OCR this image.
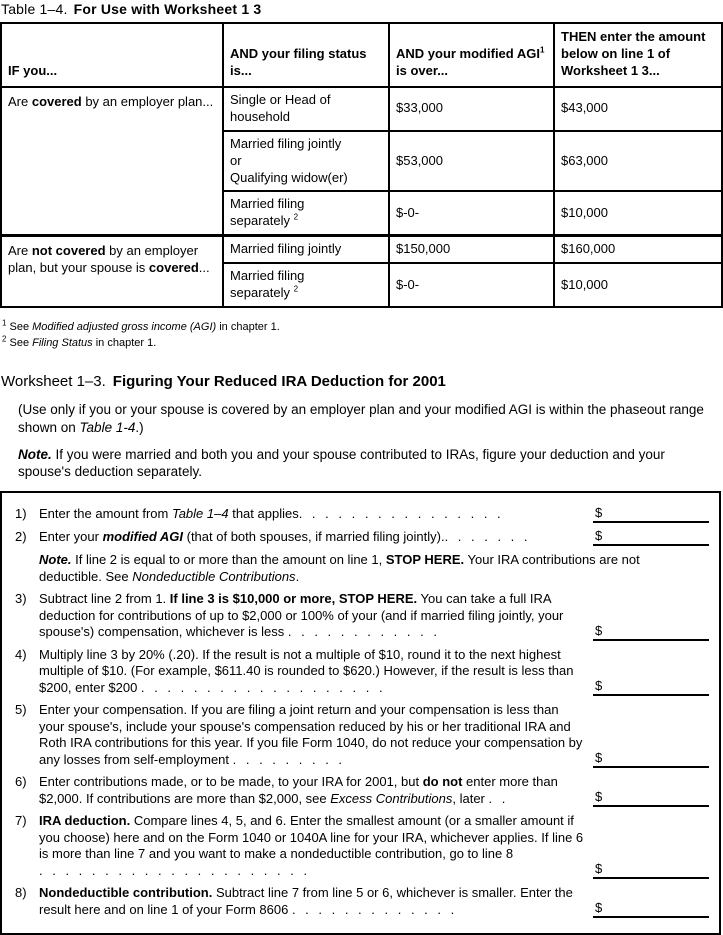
Table 1–4. For Use with Worksheet 1 3
IF you...	AND your filing status is...	AND your modified AGI$^1$ is over...	THEN enter the amount below on line 1 of Worksheet 1 3...
Are covered by an employer plan...	Single or Head of household	$33,000	$43,000
	Married filing jointly
or
Qualifying widow(er)	$53,000	$63,000
	Married filing
separately $^2$	$-0-	$10,000
Are not covered by an employer plan, but your spouse is covered...	Married filing jointly	$150,000	$160,000
	Married filing
separately $^2$	$-0-	$10,000
$^1$ See Modified adjusted gross income (AGI) in chapter 1.
$^2$ See Filing Status in chapter 1.
Worksheet 1–3. Figuring Your Reduced IRA Deduction for 2001
(Use only if you or your spouse is covered by an employer plan and your modified AGI is within the phaseout range shown on Table 1-4.)
Note. If you were married and both you and your spouse contributed to IRAs, figure your deduction and your spouse's deduction separately.
1) Enter the amount from Table 1–4 that applies. . . . . . . . . . . . . . . .	$
2) Enter your modified AGI (that of both spouses, if married filing jointly).. . . . . . .	$
Note. If line 2 is equal to or more than the amount on line 1, STOP HERE. Your IRA contributions are not deductible. See Nondeductible Contributions.
3) Subtract line 2 from 1. If line 3 is $10,000 or more, STOP HERE. You can take a full IRA deduction for contributions of up to $2,000 or 100% of your (and if married filing jointly, your spouse's) compensation, whichever is less . . . . . . . . . . . .	$
4) Multiply line 3 by 20% (.20). If the result is not a multiple of $10, round it to the next highest multiple of $10. (For example, $611.40 is rounded to $620.) However, if the result is less than $200, enter $200 . . . . . . . . . . . . . . . . . . .	$
5) Enter your compensation. If you are filing a joint return and your compensation is less than your spouse's, include your spouse's compensation reduced by his or her traditional IRA and Roth IRA contributions for this year. If you file Form 1040, do not reduce your compensation by any losses from self-employment . . . . . . . . .	$
6) Enter contributions made, or to be made, to your IRA for 2001, but do not enter more than $2,000. If contributions are more than $2,000, see Excess Contributions, later . .	$
7) IRA deduction. Compare lines 4, 5, and 6. Enter the smallest amount (or a smaller amount if you choose) here and on the Form 1040 or 1040A line for your IRA, whichever applies. If line 6 is more than line 7 and you want to make a nondeductible contribution, go to line 8 . . . . . . . . . . . . . . . . . . . . .	$
8) Nondeductible contribution. Subtract line 7 from line 5 or 6, whichever is smaller. Enter the result here and on line 1 of your Form 8606 . . . . . . . . . . . . .	$
